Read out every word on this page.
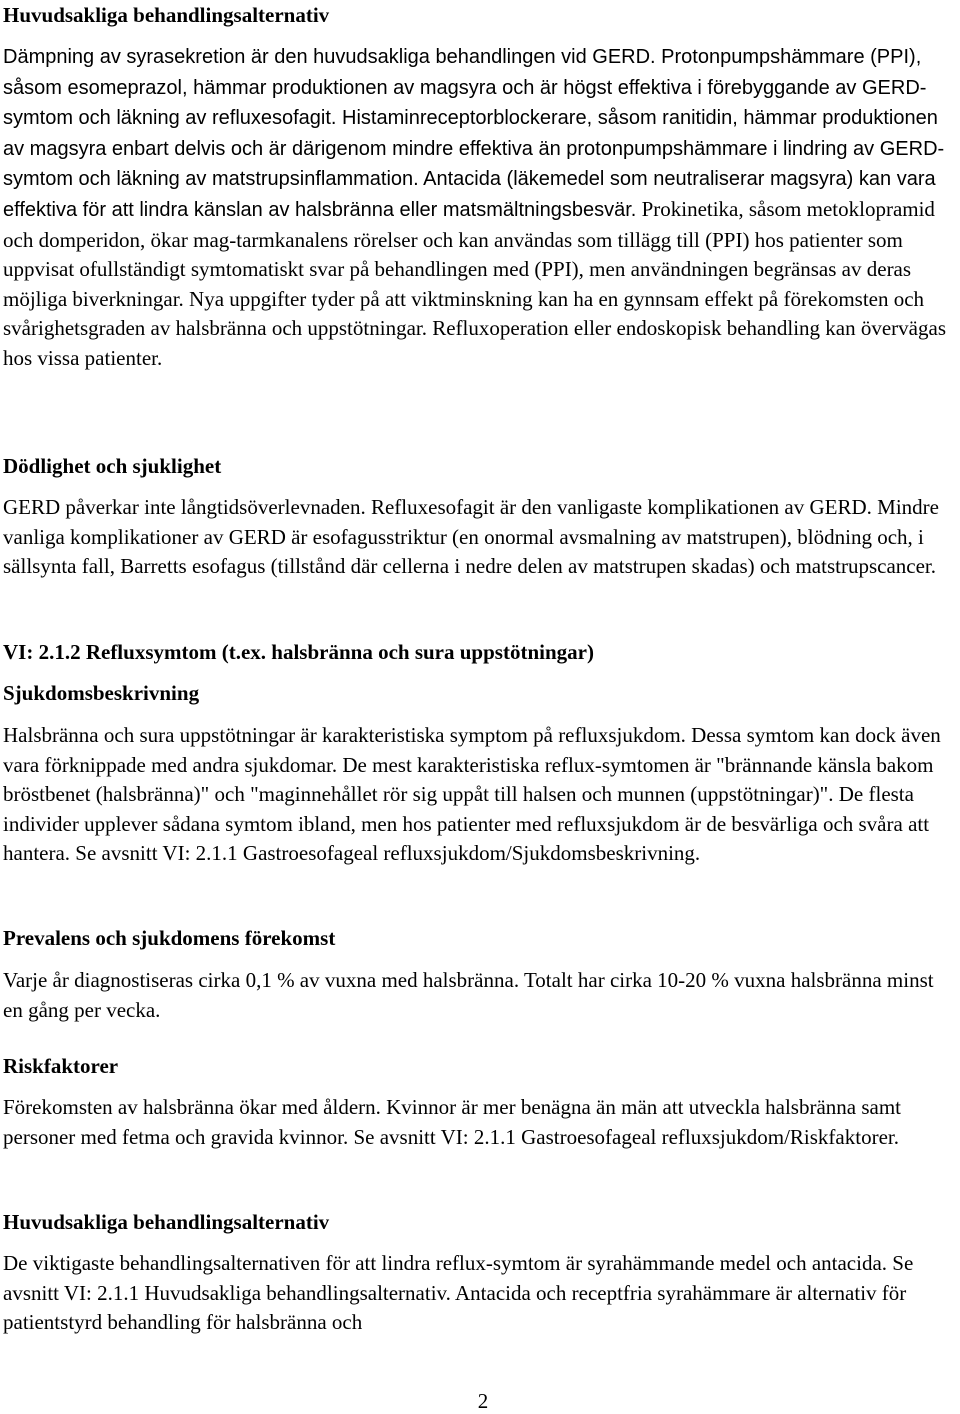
Huvudsakliga behandlingsalternativ

Dämpning av syrasekretion är den huvudsakliga behandlingen vid GERD. Protonpumpshämmare (PPI), såsom esomeprazol, hämmar produktionen av magsyra och är högst effektiva i förebyggande av GERD-symtom och läkning av refluxesofagit. Histaminreceptorblockerare, såsom ranitidin, hämmar produktionen av magsyra enbart delvis och är därigenom mindre effektiva än protonpumpshämmare i lindring av GERD-symtom och läkning av matstrupsinflammation. Antacida (läkemedel som neutraliserar magsyra) kan vara effektiva för att lindra känslan av halsbränna eller matsmältningsbesvär. Prokinetika, såsom metoklopramid och domperidon, ökar mag-tarmkanalens rörelser och kan användas som tillägg till (PPI) hos patienter som uppvisat ofullständigt symtomatiskt svar på behandlingen med (PPI), men användningen begränsas av deras möjliga biverkningar. Nya uppgifter tyder på att viktminskning kan ha en gynnsam effekt på förekomsten och svårighetsgraden av halsbränna och uppstötningar. Refluxoperation eller endoskopisk behandling kan övervägas hos vissa patienter.

Dödlighet och sjuklighet

GERD påverkar inte långtidsöverlevnaden. Refluxesofagit är den vanligaste komplikationen av GERD. Mindre vanliga komplikationer av GERD är esofagusstriktur (en onormal avsmalning av matstrupen), blödning och, i sällsynta fall, Barretts esofagus (tillstånd där cellerna i nedre delen av matstrupen skadas) och matstrupscancer.

VI: 2.1.2 Refluxsymtom (t.ex. halsbränna och sura uppstötningar)
Sjukdomsbeskrivning

Halsbränna och sura uppstötningar är karakteristiska symptom på refluxsjukdom. Dessa symtom kan dock även vara förknippade med andra sjukdomar. De mest karakteristiska reflux-symtomen är "brännande känsla bakom bröstbenet (halsbränna)" och "maginnehållet rör sig uppåt till halsen och munnen (uppstötningar)". De flesta individer upplever sådana symtom ibland, men hos patienter med refluxsjukdom är de besvärliga och svåra att hantera. Se avsnitt VI: 2.1.1 Gastroesofageal refluxsjukdom/Sjukdomsbeskrivning.

Prevalens och sjukdomens förekomst

Varje år diagnostiseras cirka 0,1 % av vuxna med halsbränna. Totalt har cirka 10-20 % vuxna halsbränna minst en gång per vecka.

Riskfaktorer

Förekomsten av halsbränna ökar med åldern. Kvinnor är mer benägna än män att utveckla halsbränna samt personer med fetma och gravida kvinnor. Se avsnitt VI: 2.1.1 Gastroesofageal refluxsjukdom/Riskfaktorer.

Huvudsakliga behandlingsalternativ

De viktigaste behandlingsalternativen för att lindra reflux-symtom är syrahämmande medel och antacida. Se avsnitt VI: 2.1.1 Huvudsakliga behandlingsalternativ. Antacida och receptfria syrahämmare är alternativ för patientstyrd behandling för halsbränna och

2
